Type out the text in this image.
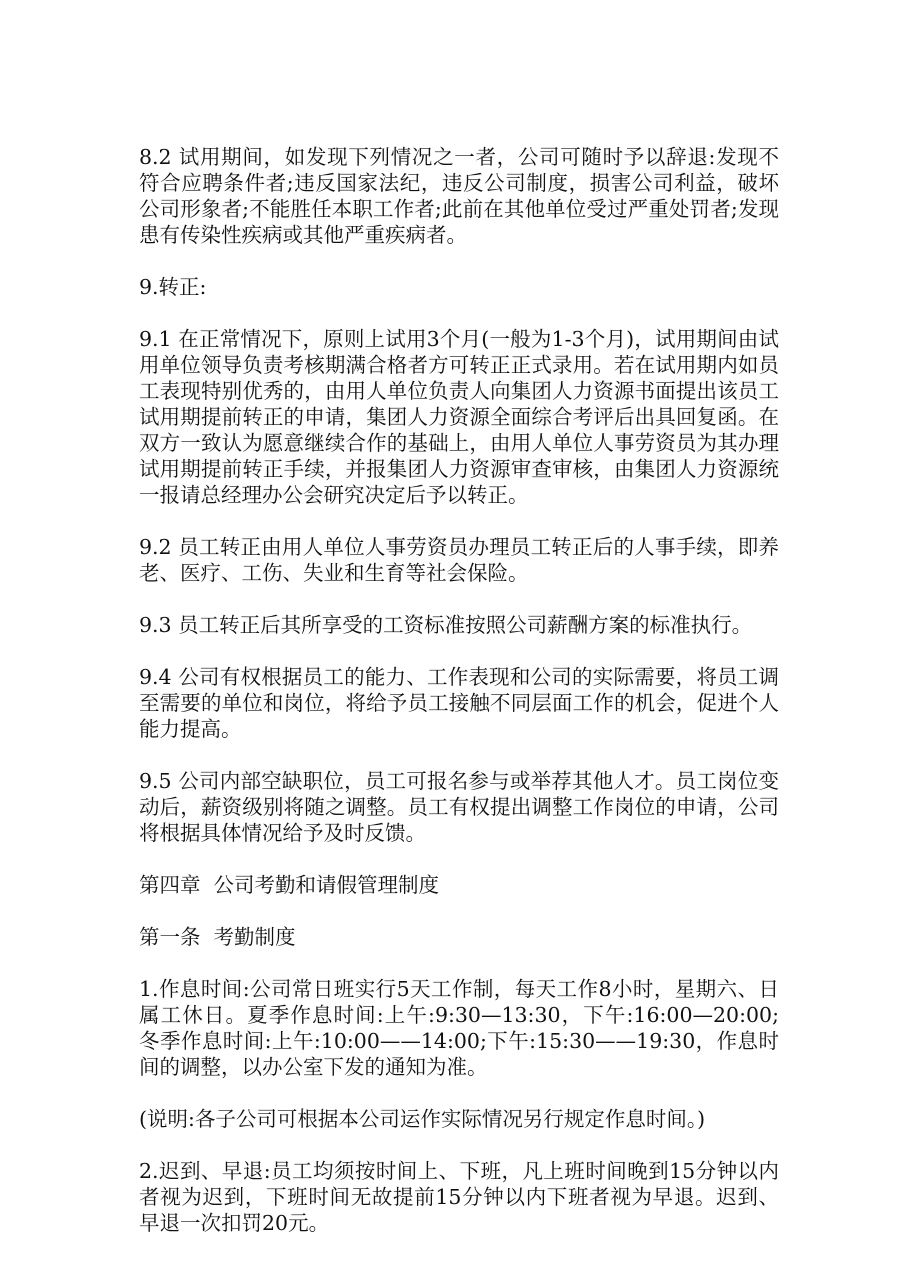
8.2 试用期间，如发现下列情况之一者，公司可随时予以辞退:发现不符合应聘条件者;违反国家法纪，违反公司制度，损害公司利益，破坏公司形象者;不能胜任本职工作者;此前在其他单位受过严重处罚者;发现患有传染性疾病或其他严重疾病者。

9.转正:

9.1 在正常情况下，原则上试用3个月(一般为1-3个月)，试用期间由试用单位领导负责考核期满合格者方可转正正式录用。若在试用期内如员工表现特别优秀的，由用人单位负责人向集团人力资源书面提出该员工试用期提前转正的申请，集团人力资源全面综合考评后出具回复函。在双方一致认为愿意继续合作的基础上，由用人单位人事劳资员为其办理试用期提前转正手续，并报集团人力资源审查审核，由集团人力资源统一报请总经理办公会研究决定后予以转正。

9.2 员工转正由用人单位人事劳资员办理员工转正后的人事手续，即养老、医疗、工伤、失业和生育等社会保险。

9.3 员工转正后其所享受的工资标准按照公司薪酬方案的标准执行。

9.4 公司有权根据员工的能力、工作表现和公司的实际需要，将员工调至需要的单位和岗位，将给予员工接触不同层面工作的机会，促进个人能力提高。

9.5 公司内部空缺职位，员工可报名参与或举荐其他人才。员工岗位变动后，薪资级别将随之调整。员工有权提出调整工作岗位的申请，公司将根据具体情况给予及时反馈。

第四章  公司考勤和请假管理制度

第一条  考勤制度

1.作息时间:公司常日班实行5天工作制，每天工作8小时，星期六、日属工休日。夏季作息时间:上午:9:30—13:30，下午:16:00—20:00;冬季作息时间:上午:10:00——14:00;下午:15:30——19:30，作息时间的调整，以办公室下发的通知为准。

(说明:各子公司可根据本公司运作实际情况另行规定作息时间。)

2.迟到、早退:员工均须按时间上、下班，凡上班时间晚到15分钟以内者视为迟到，下班时间无故提前15分钟以内下班者视为早退。迟到、早退一次扣罚20元。
